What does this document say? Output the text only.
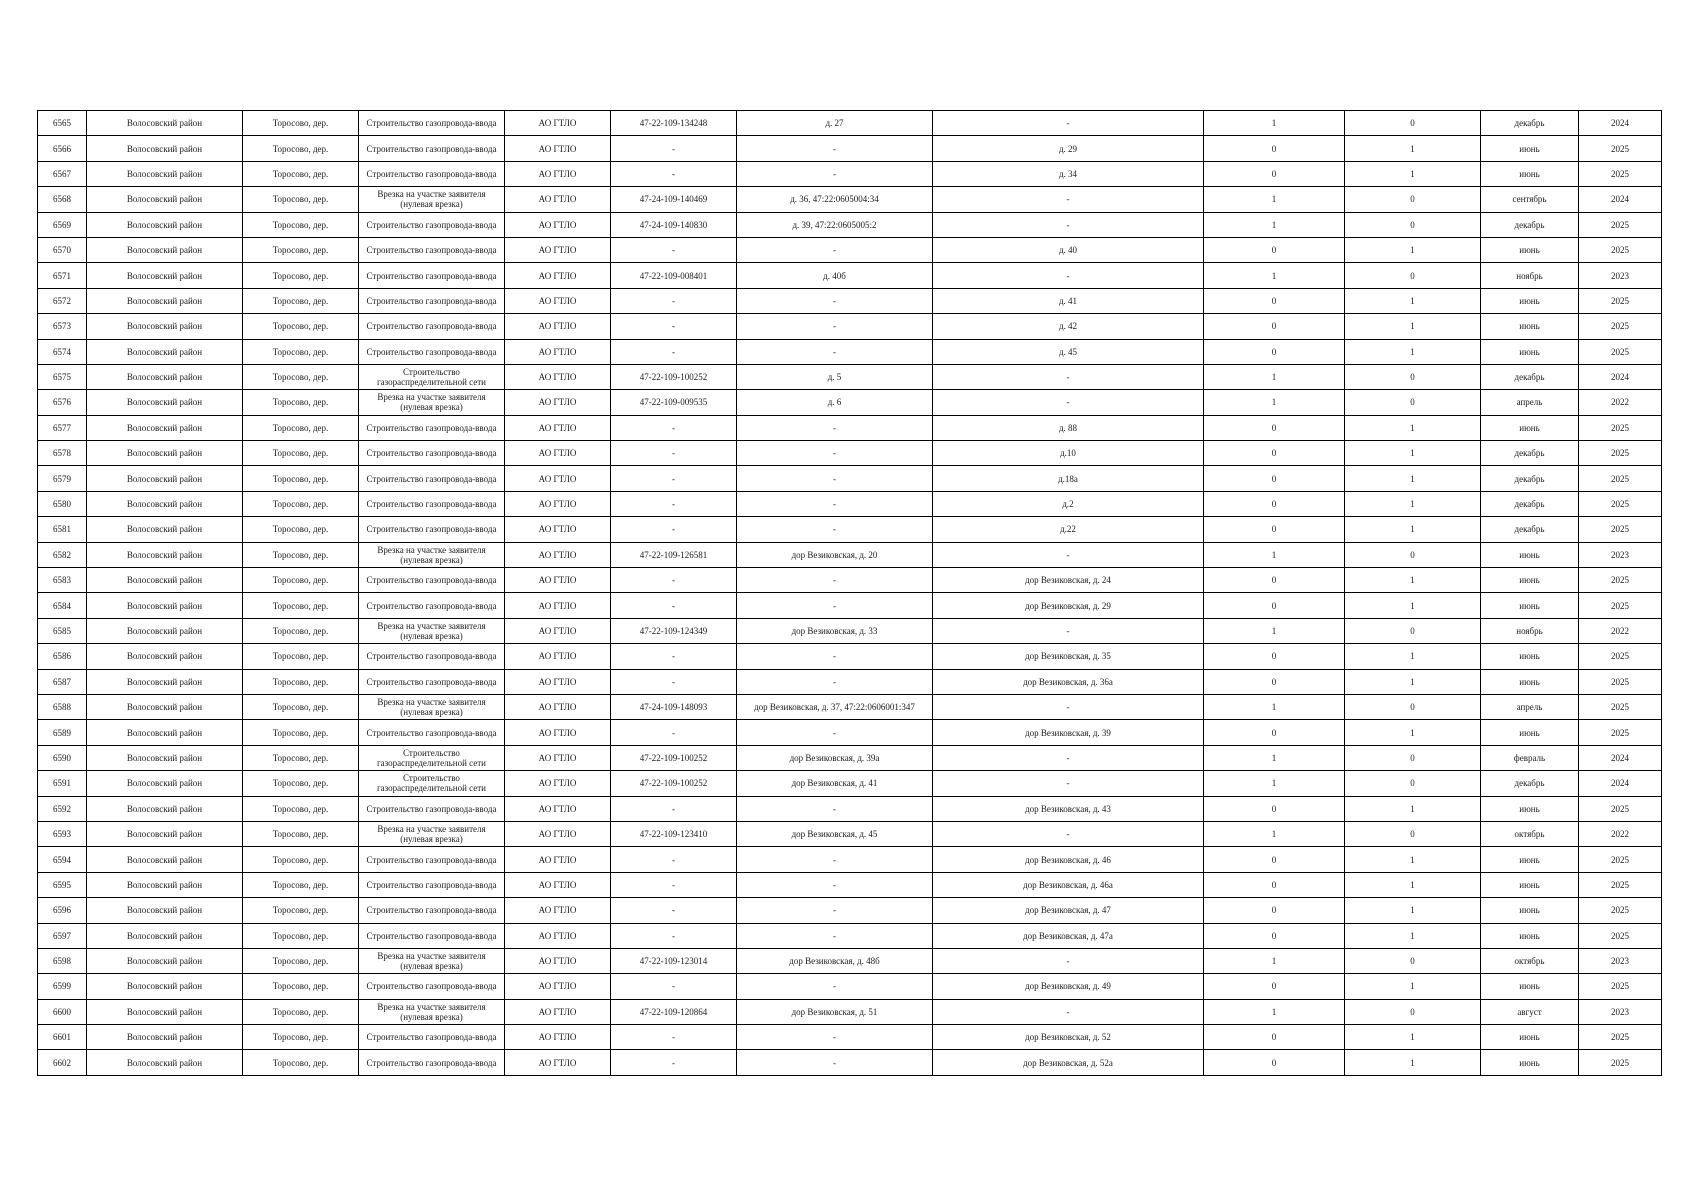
6565	Волосовский район	Торосово, дер.	Строительство газопровода-ввода	АО ГТЛО	47-22-109-134248	д. 27	-	1	0	декабрь	2024
6566	Волосовский район	Торосово, дер.	Строительство газопровода-ввода	АО ГТЛО	-	-	д. 29	0	1	июнь	2025
6567	Волосовский район	Торосово, дер.	Строительство газопровода-ввода	АО ГТЛО	-	-	д. 34	0	1	июнь	2025
6568	Волосовский район	Торосово, дер.	Врезка на участке заявителя (нулевая врезка)	АО ГТЛО	47-24-109-140469	д. 36, 47:22:0605004:34	-	1	0	сентябрь	2024
6569	Волосовский район	Торосово, дер.	Строительство газопровода-ввода	АО ГТЛО	47-24-109-140830	д. 39, 47:22:0605005:2	-	1	0	декабрь	2025
6570	Волосовский район	Торосово, дер.	Строительство газопровода-ввода	АО ГТЛО	-	-	д. 40	0	1	июнь	2025
6571	Волосовский район	Торосово, дер.	Строительство газопровода-ввода	АО ГТЛО	47-22-109-008401	д. 40б	-	1	0	ноябрь	2023
6572	Волосовский район	Торосово, дер.	Строительство газопровода-ввода	АО ГТЛО	-	-	д. 41	0	1	июнь	2025
6573	Волосовский район	Торосово, дер.	Строительство газопровода-ввода	АО ГТЛО	-	-	д. 42	0	1	июнь	2025
6574	Волосовский район	Торосово, дер.	Строительство газопровода-ввода	АО ГТЛО	-	-	д. 45	0	1	июнь	2025
6575	Волосовский район	Торосово, дер.	Строительство газораспределительной сети	АО ГТЛО	47-22-109-100252	д. 5	-	1	0	декабрь	2024
6576	Волосовский район	Торосово, дер.	Врезка на участке заявителя (нулевая врезка)	АО ГТЛО	47-22-109-009535	д. 6	-	1	0	апрель	2022
6577	Волосовский район	Торосово, дер.	Строительство газопровода-ввода	АО ГТЛО	-	-	д. 88	0	1	июнь	2025
6578	Волосовский район	Торосово, дер.	Строительство газопровода-ввода	АО ГТЛО	-	-	д.10	0	1	декабрь	2025
6579	Волосовский район	Торосово, дер.	Строительство газопровода-ввода	АО ГТЛО	-	-	д.18а	0	1	декабрь	2025
6580	Волосовский район	Торосово, дер.	Строительство газопровода-ввода	АО ГТЛО	-	-	д.2	0	1	декабрь	2025
6581	Волосовский район	Торосово, дер.	Строительство газопровода-ввода	АО ГТЛО	-	-	д.22	0	1	декабрь	2025
6582	Волосовский район	Торосово, дер.	Врезка на участке заявителя (нулевая врезка)	АО ГТЛО	47-22-109-126581	дор Везиковская, д. 20	-	1	0	июнь	2023
6583	Волосовский район	Торосово, дер.	Строительство газопровода-ввода	АО ГТЛО	-	-	дор Везиковская, д. 24	0	1	июнь	2025
6584	Волосовский район	Торосово, дер.	Строительство газопровода-ввода	АО ГТЛО	-	-	дор Везиковская, д. 29	0	1	июнь	2025
6585	Волосовский район	Торосово, дер.	Врезка на участке заявителя (нулевая врезка)	АО ГТЛО	47-22-109-124349	дор Везиковская, д. 33	-	1	0	ноябрь	2022
6586	Волосовский район	Торосово, дер.	Строительство газопровода-ввода	АО ГТЛО	-	-	дор Везиковская, д. 35	0	1	июнь	2025
6587	Волосовский район	Торосово, дер.	Строительство газопровода-ввода	АО ГТЛО	-	-	дор Везиковская, д. 36а	0	1	июнь	2025
6588	Волосовский район	Торосово, дер.	Врезка на участке заявителя (нулевая врезка)	АО ГТЛО	47-24-109-148093	дор Везиковская, д. 37, 47:22:0606001:347	-	1	0	апрель	2025
6589	Волосовский район	Торосово, дер.	Строительство газопровода-ввода	АО ГТЛО	-	-	дор Везиковская, д. 39	0	1	июнь	2025
6590	Волосовский район	Торосово, дер.	Строительство газораспределительной сети	АО ГТЛО	47-22-109-100252	дор Везиковская, д. 39а	-	1	0	февраль	2024
6591	Волосовский район	Торосово, дер.	Строительство газораспределительной сети	АО ГТЛО	47-22-109-100252	дор Везиковская, д. 41	-	1	0	декабрь	2024
6592	Волосовский район	Торосово, дер.	Строительство газопровода-ввода	АО ГТЛО	-	-	дор Везиковская, д. 43	0	1	июнь	2025
6593	Волосовский район	Торосово, дер.	Врезка на участке заявителя (нулевая врезка)	АО ГТЛО	47-22-109-123410	дор Везиковская, д. 45	-	1	0	октябрь	2022
6594	Волосовский район	Торосово, дер.	Строительство газопровода-ввода	АО ГТЛО	-	-	дор Везиковская, д. 46	0	1	июнь	2025
6595	Волосовский район	Торосово, дер.	Строительство газопровода-ввода	АО ГТЛО	-	-	дор Везиковская, д. 46а	0	1	июнь	2025
6596	Волосовский район	Торосово, дер.	Строительство газопровода-ввода	АО ГТЛО	-	-	дор Везиковская, д. 47	0	1	июнь	2025
6597	Волосовский район	Торосово, дер.	Строительство газопровода-ввода	АО ГТЛО	-	-	дор Везиковская, д. 47а	0	1	июнь	2025
6598	Волосовский район	Торосово, дер.	Врезка на участке заявителя (нулевая врезка)	АО ГТЛО	47-22-109-123014	дор Везиковская, д. 48б	-	1	0	октябрь	2023
6599	Волосовский район	Торосово, дер.	Строительство газопровода-ввода	АО ГТЛО	-	-	дор Везиковская, д. 49	0	1	июнь	2025
6600	Волосовский район	Торосово, дер.	Врезка на участке заявителя (нулевая врезка)	АО ГТЛО	47-22-109-120864	дор Везиковская, д. 51	-	1	0	август	2023
6601	Волосовский район	Торосово, дер.	Строительство газопровода-ввода	АО ГТЛО	-	-	дор Везиковская, д. 52	0	1	июнь	2025
6602	Волосовский район	Торосово, дер.	Строительство газопровода-ввода	АО ГТЛО	-	-	дор Везиковская, д. 52а	0	1	июнь	2025
